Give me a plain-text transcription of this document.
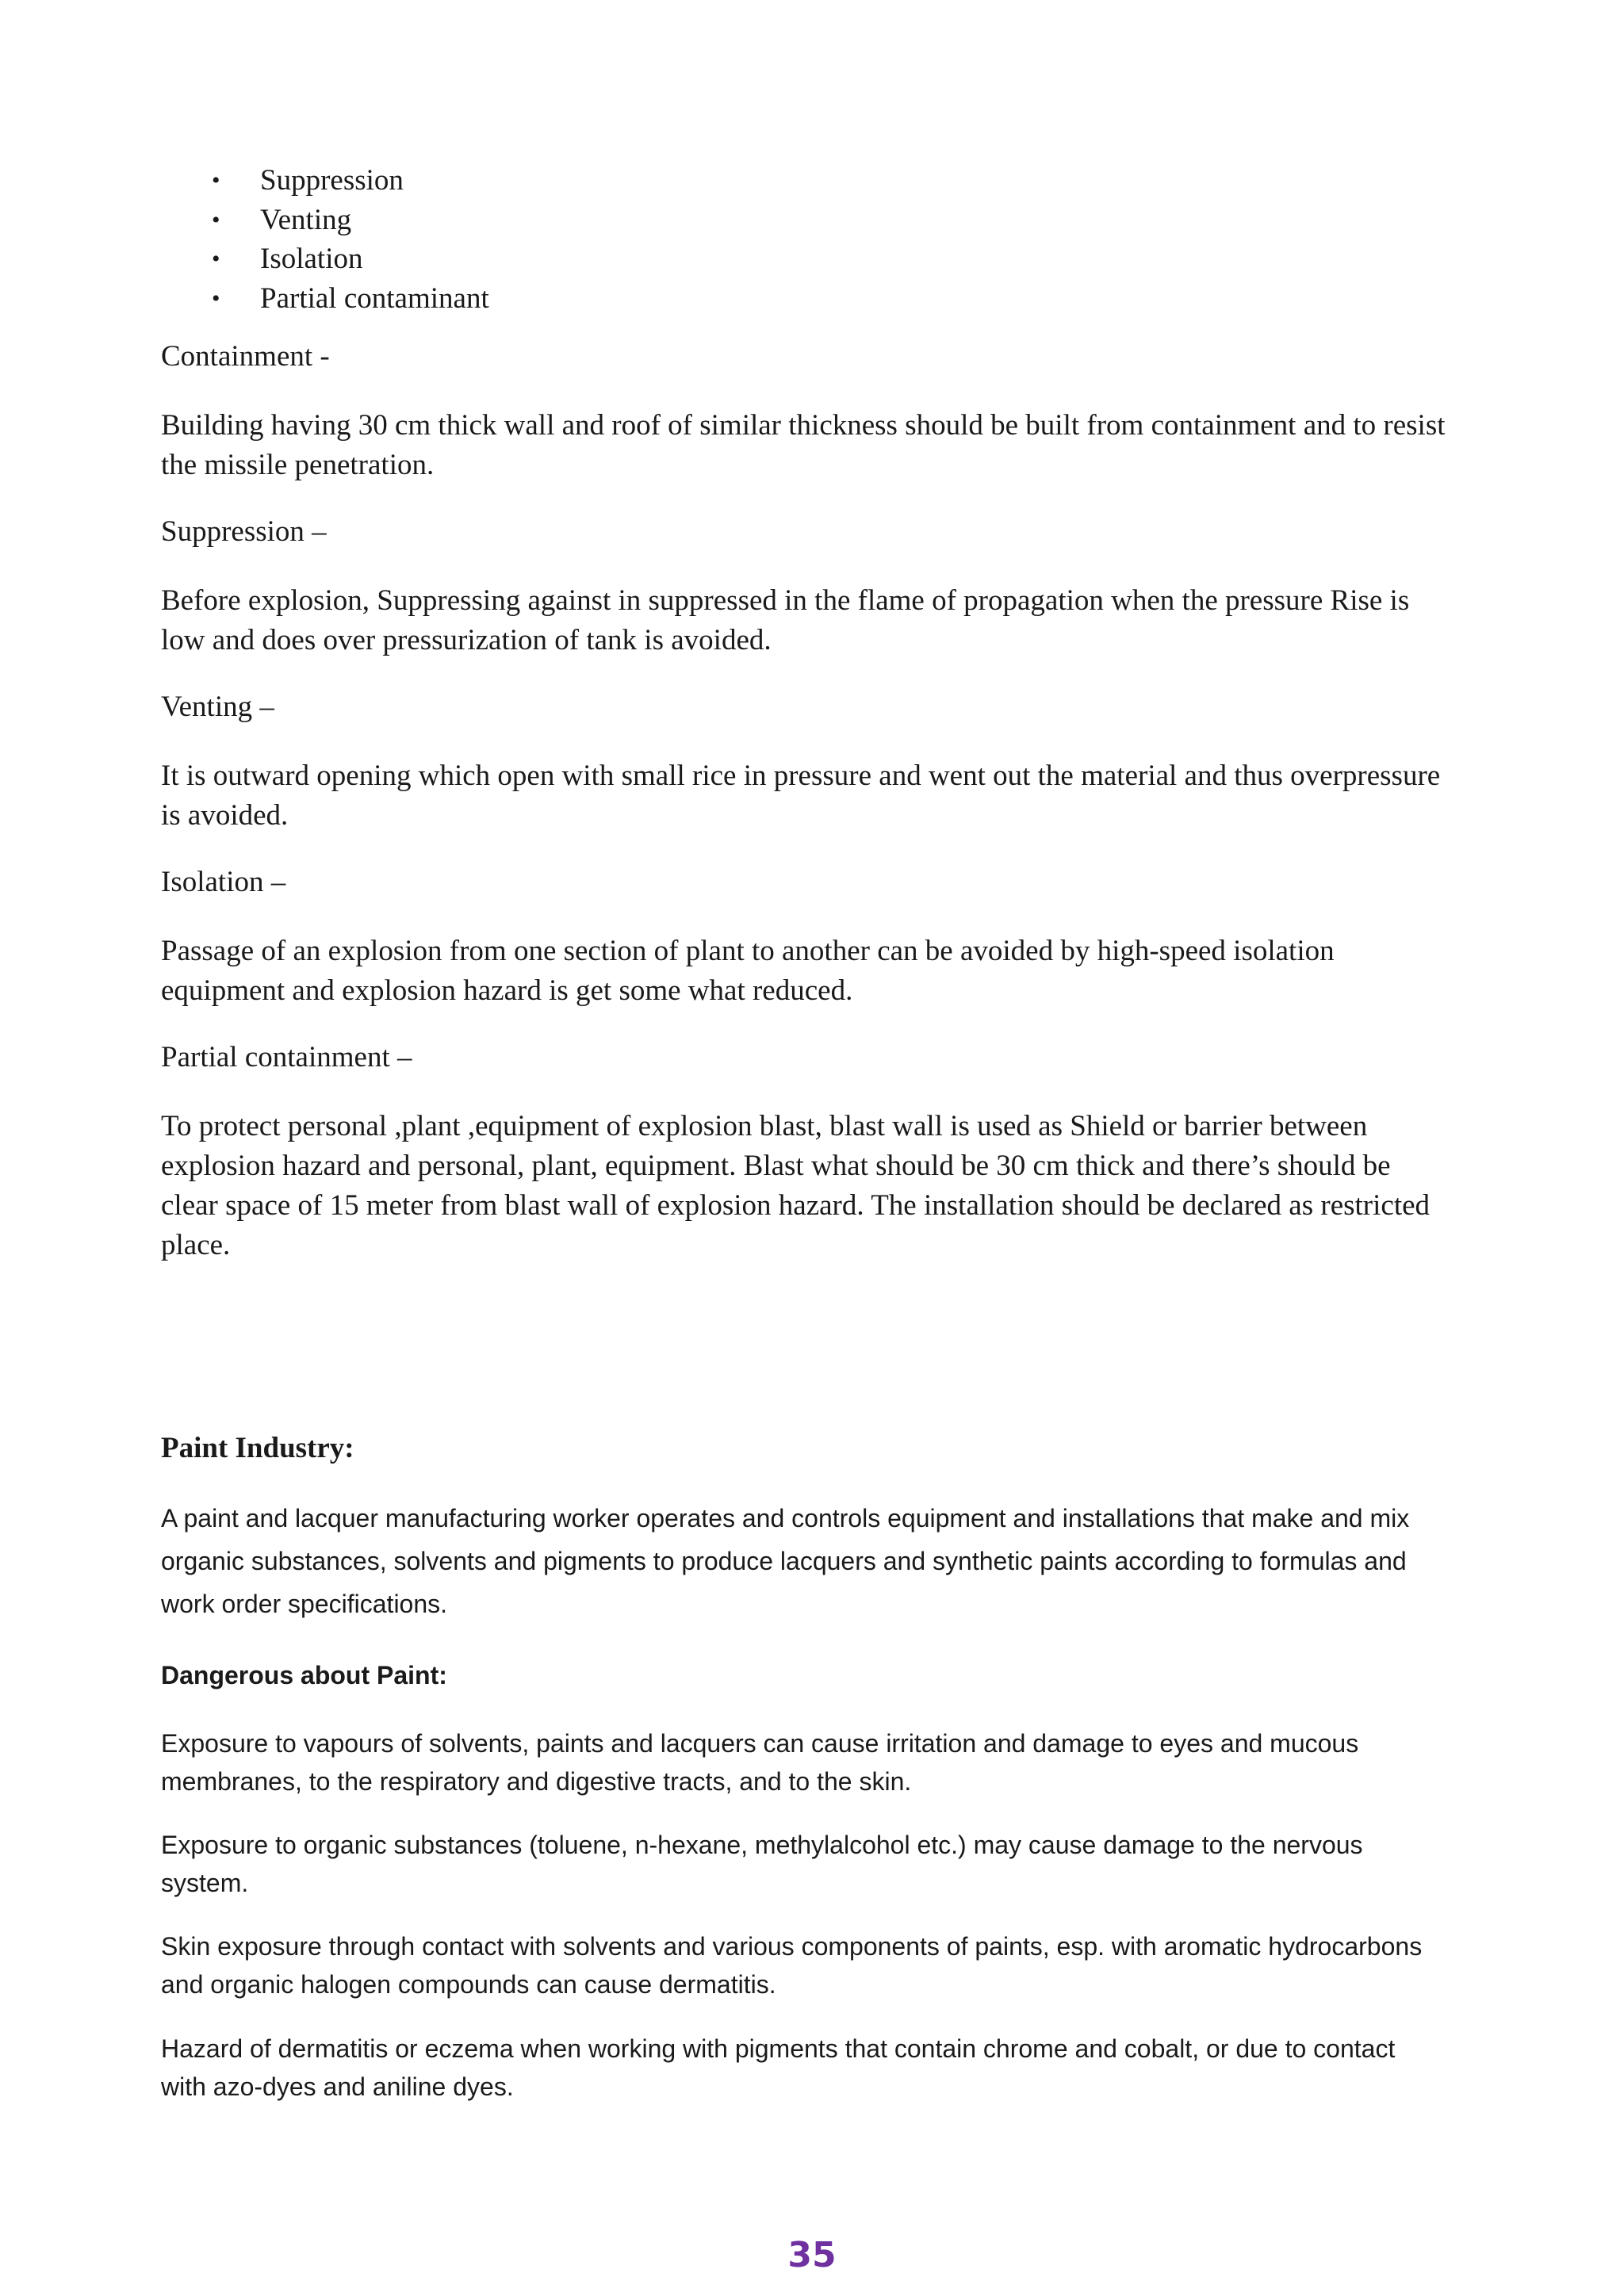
• Suppression
• Venting
• Isolation
• Partial contaminant

Containment -

Building having 30 cm thick wall and roof of similar thickness should be built from containment and to resist the missile penetration.

Suppression –

Before explosion, Suppressing against in suppressed in the flame of propagation when the pressure Rise is low and does over pressurization of tank is avoided.

Venting –

It is outward opening which open with small rice in pressure and went out the material and thus overpressure is avoided.

Isolation –

Passage of an explosion from one section of plant to another can be avoided by high-speed isolation equipment and explosion hazard is get some what reduced.

Partial containment –

To protect personal ,plant ,equipment of explosion blast, blast wall is used as Shield or barrier between explosion hazard and personal, plant, equipment. Blast what should be 30 cm thick and there’s should be clear space of 15 meter from blast wall of explosion hazard. The installation should be declared as restricted place.

Paint Industry:

A paint and lacquer manufacturing worker operates and controls equipment and installations that make and mix organic substances, solvents and pigments to produce lacquers and synthetic paints according to formulas and work order specifications.

Dangerous about Paint:

Exposure to vapours of solvents, paints and lacquers can cause irritation and damage to eyes and mucous membranes, to the respiratory and digestive tracts, and to the skin.

Exposure to organic substances (toluene, n-hexane, methylalcohol etc.) may cause damage to the nervous system.

Skin exposure through contact with solvents and various components of paints, esp. with aromatic hydrocarbons and organic halogen compounds can cause dermatitis.

Hazard of dermatitis or eczema when working with pigments that contain chrome and cobalt, or due to contact with azo-dyes and aniline dyes.

35
